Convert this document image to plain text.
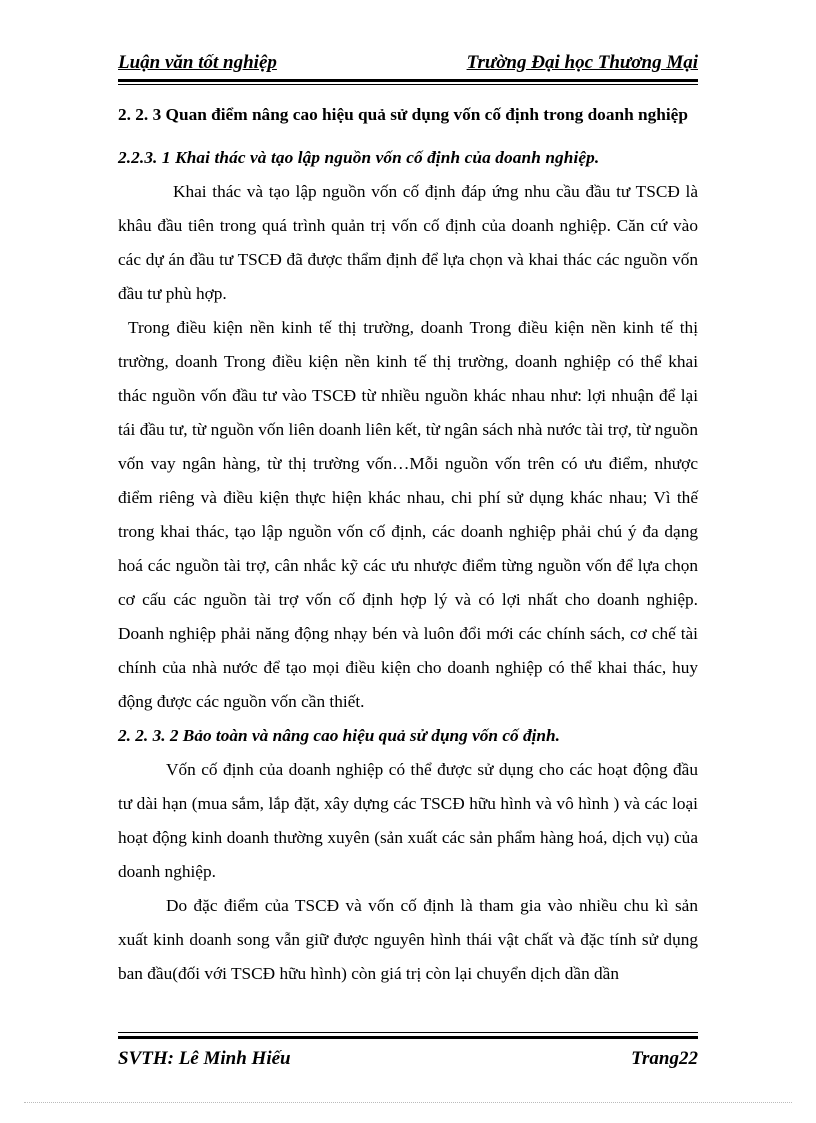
Luận văn tốt nghiệp	Trường Đại học Thương Mại

2. 2. 3 Quan điểm nâng cao hiệu quả sử dụng vốn cố định trong doanh nghiệp

2.2.3. 1 Khai thác và tạo lập nguồn vốn cố định của doanh nghiệp.

Khai thác và tạo lập nguồn vốn cố định đáp ứng nhu cầu đầu tư TSCĐ là khâu đầu tiên trong quá trình quản trị vốn cố định của doanh nghiệp. Căn cứ vào các dự án đầu tư TSCĐ đã được thẩm định để lựa chọn và khai thác các nguồn vốn đầu tư phù hợp.

Trong điều kiện nền kinh tế thị trường, doanh Trong điều kiện nền kinh tế thị trường, doanh Trong điều kiện nền kinh tế thị trường, doanh nghiệp có thể khai thác nguồn vốn đầu tư vào TSCĐ từ nhiều nguồn khác nhau như: lợi nhuận để lại tái đầu tư, từ nguồn vốn liên doanh liên kết, từ ngân sách nhà nước tài trợ, từ nguồn vốn vay ngân hàng, từ thị trường vốn…Mỗi nguồn vốn trên có ưu điểm, nhược điểm riêng và điều kiện thực hiện khác nhau, chi phí sử dụng khác nhau; Vì thế trong khai thác, tạo lập nguồn vốn cố định, các doanh nghiệp phải chú ý đa dạng hoá các nguồn tài trợ, cân nhắc kỹ các ưu nhược điểm từng nguồn vốn để lựa chọn cơ cấu các nguồn tài trợ vốn cố định hợp lý và có lợi nhất cho doanh nghiệp. Doanh nghiệp phải năng động nhạy bén và luôn đổi mới các chính sách, cơ chế tài chính của nhà nước để tạo mọi điều kiện cho doanh nghiệp có thể khai thác, huy động được các nguồn vốn cần thiết.

2. 2. 3. 2 Bảo toàn và nâng cao hiệu quả sử dụng vốn cố định.

Vốn cố định của doanh nghiệp có thể được sử dụng cho các hoạt động đầu tư dài hạn (mua sắm, lắp đặt, xây dựng các TSCĐ hữu hình và vô hình ) và các loại hoạt động kinh doanh thường xuyên (sản xuất các sản phẩm hàng hoá, dịch vụ) của doanh nghiệp.

Do đặc điểm của TSCĐ và vốn cố định là tham gia vào nhiều chu kì sản xuất kinh doanh song vẫn giữ được nguyên hình thái vật chất và đặc tính sử dụng ban đầu(đối với TSCĐ hữu hình) còn giá trị còn lại chuyển dịch dần dần

SVTH: Lê Minh Hiếu	Trang22
